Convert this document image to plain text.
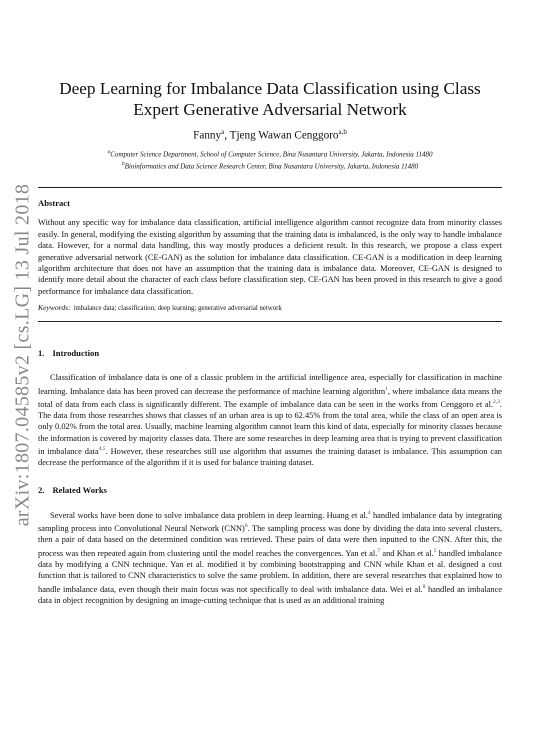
arXiv:1807.04585v2 [cs.LG] 13 Jul 2018
Deep Learning for Imbalance Data Classification using Class Expert Generative Adversarial Network
Fanny$^a$, Tjeng Wawan Cenggoro$^{a,b}$
$^a$Computer Science Department, School of Computer Science, Bina Nusantara University, Jakarta, Indonesia 11480
$^b$Bioinformatics and Data Science Research Center, Bina Nusantara University, Jakarta, Indonesia 11480
Abstract

Without any specific way for imbalance data classification, artificial intelligence algorithm cannot recognize data from minority classes easily. In general, modifying the existing algorithm by assuming that the training data is imbalanced, is the only way to handle imbalance data. However, for a normal data handling, this way mostly produces a deficient result. In this research, we propose a class expert generative adversarial network (CE-GAN) as the solution for imbalance data classification. CE-GAN is a modification in deep learning algorithm architecture that does not have an assumption that the training data is imbalance data. Moreover, CE-GAN is designed to identify more detail about the character of each class before classification step. CE-GAN has been proved in this research to give a good performance for imbalance data classification.

Keywords: imbalance data; classification; deep learning; generative adversarial network
1. Introduction

Classification of imbalance data is one of a classic problem in the artificial intelligence area, especially for classification in machine learning. Imbalance data has been proved can decrease the performance of machine learning algorithm$^1$, where imbalance data means the total of data from each class is significantly different. The example of imbalance data can be seen in the works from Cenggoro et al.$^{2,3}$. The data from those researches shows that classes of an urban area is up to 62.45% from the total area, while the class of an open area is only 0.02% from the total area. Usually, machine learning algorithm cannot learn this kind of data, especially for minority classes because the information is covered by majority classes data. There are some researches in deep learning area that is trying to prevent classification in imbalance data$^{4,5}$. However, these researches still use algorithm that assumes the training dataset is imbalance. This assumption can decrease the performance of the algorithm if it is used for balance training dataset.

2. Related Works

Several works have been done to solve imbalance data problem in deep learning. Huang et al.$^4$ handled imbalance data by integrating sampling process into Convolutional Neural Network (CNN)$^6$. The sampling process was done by dividing the data into several clusters, then a pair of data based on the determined condition was retrieved. These pairs of data were then inputted to the CNN. After this, the process was then repeated again from clustering until the model reaches the convergences. Yan et al.$^7$ and Khan et al.$^5$ handled imbalance data by modifying a CNN technique. Yan et al. modified it by combining bootstrapping and CNN while Khan et al. designed a cost function that is tailored to CNN characteristics to solve the same problem. In addition, there are several researches that explained how to handle imbalance data, even though their main focus was not specifically to deal with imbalance data. Wei et al.$^8$ handled an imbalance data in object recognition by designing an image-cutting technique that is used as an additional training
